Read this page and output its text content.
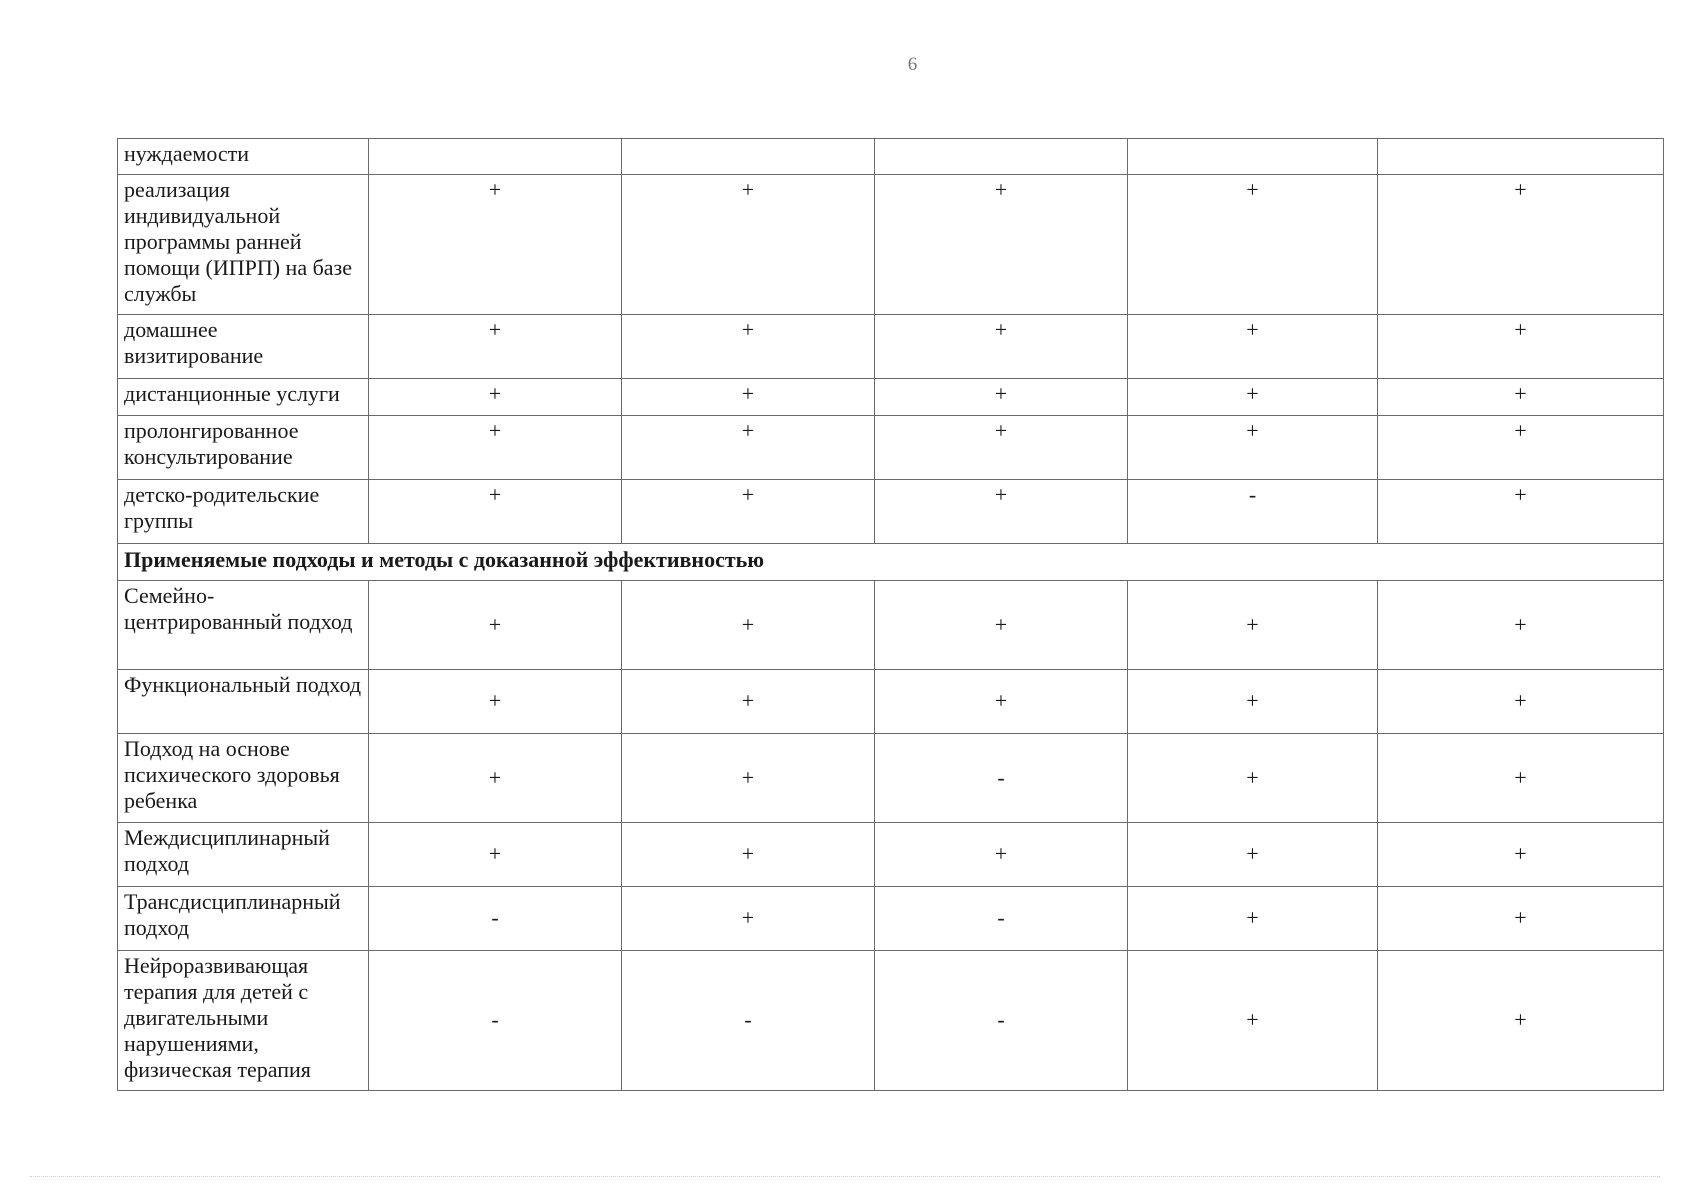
6
нуждаемости					
реализация индивидуальной программы ранней помощи (ИПРП) на базе службы	+	+	+	+	+
домашнее визитирование	+	+	+	+	+
дистанционные услуги	+	+	+	+	+
пролонгированное консультирование	+	+	+	+	+
детско-родительские группы	+	+	+	-	+
Применяемые подходы и методы с доказанной эффективностью					
Семейно-центрированный подход	+	+	+	+	+
Функциональный подход	+	+	+	+	+
Подход на основе психического здоровья ребенка	+	+	-	+	+
Междисциплинарный подход	+	+	+	+	+
Трансдисциплинарный подход	-	+	-	+	+
Нейроразвивающая терапия для детей с двигательными нарушениями, физическая терапия	-	-	-	+	+
